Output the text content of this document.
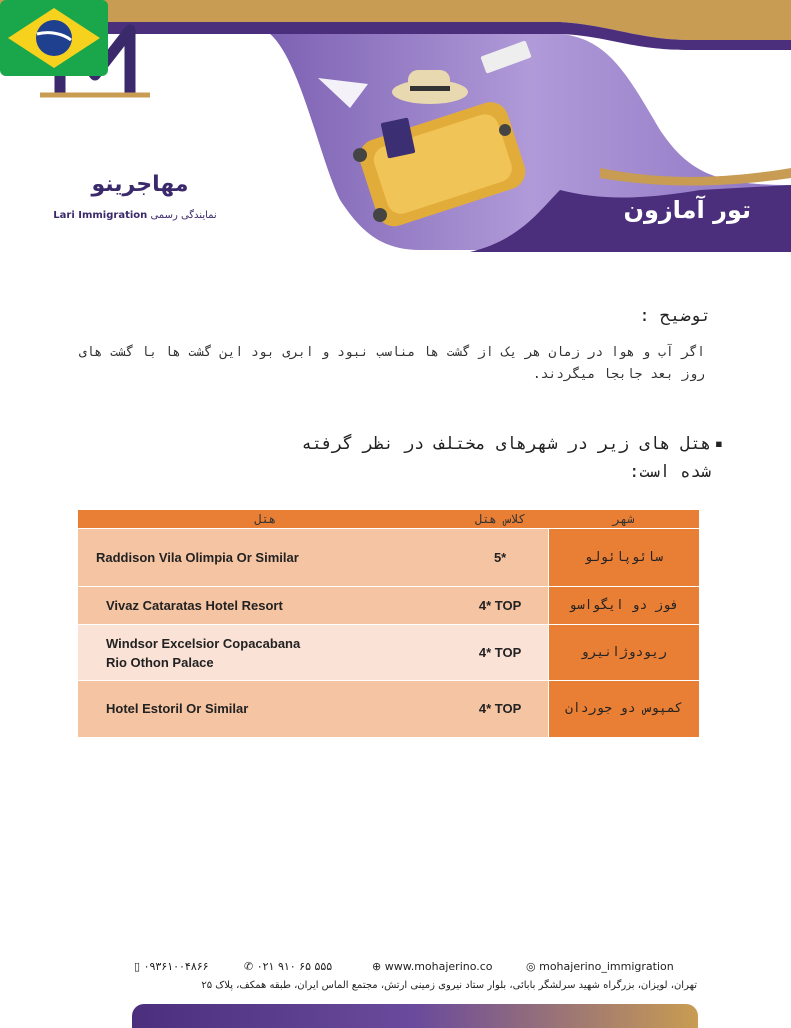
مهاجرینو
Lari Immigration نمایندگی رسمی	تور آمازون
توضیح :
اگر آب و هوا در زمان هر یک از گشت ها مناسب نبود و ابری بود این گشت ها با گشت های روز بعد جابجا میگردند.
▪
هتل های زیر در شهرهای مختلف در نظر گرفته
شده است:
هتل	کلاس هتل	شهر
Raddison Vila Olimpia Or Similar	5*	سائوپائولو
Vivaz Cataratas Hotel Resort	4* TOP	فوز دو ایگواسو

Windsor Excelsior Copacabana
Rio Othon Palace	4* TOP	ریودوژانیرو
Hotel Estoril Or Similar	4* TOP	کمپوس دو جوردان
▯ ۰۹۳۶۱۰۰۴۸۶۶	✆ ۰۲۱ ۹۱۰ ۶۵ ۵۵۵	⊕ www.mohajerino.co	◎ mohajerino_immigration
تهران، لویزان، بزرگراه شهید سرلشگر بابائی، بلوار ستاد نیروی زمینی ارتش، مجتمع الماس ایران، طبقه همکف، پلاک ۲۵
